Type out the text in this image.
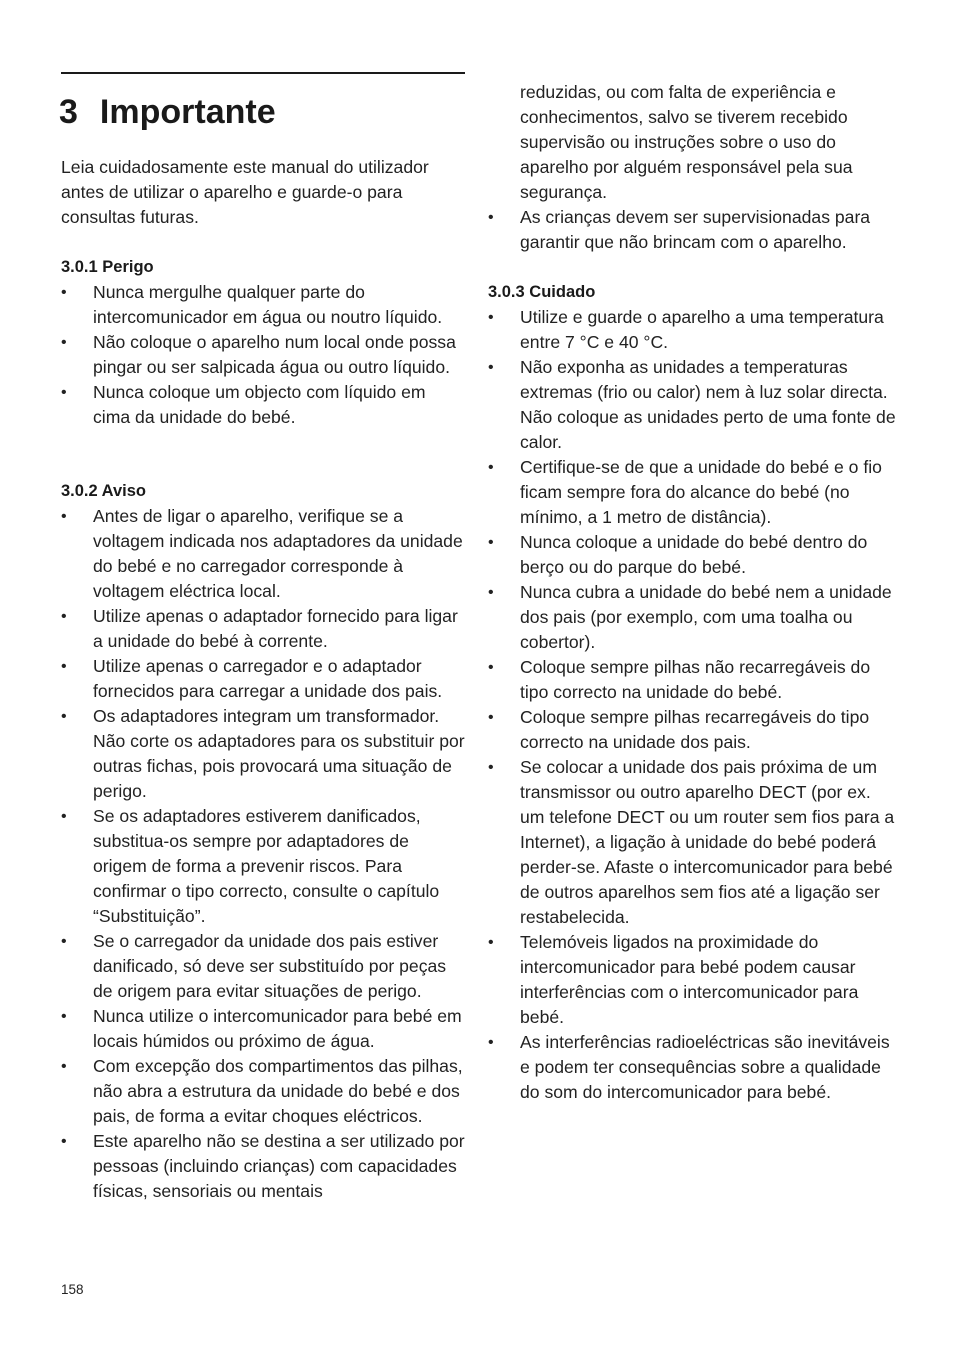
3 Importante

Leia cuidadosamente este manual do utilizador antes de utilizar o aparelho e guarde-o para consultas futuras.

3.0.1 Perigo
• Nunca mergulhe qualquer parte do intercomunicador em água ou noutro líquido.
• Não coloque o aparelho num local onde possa pingar ou ser salpicada água ou outro líquido.
• Nunca coloque um objecto com líquido em cima da unidade do bebé.
3.0.2 Aviso
• Antes de ligar o aparelho, verifique se a voltagem indicada nos adaptadores da unidade do bebé e no carregador corresponde à voltagem eléctrica local.
• Utilize apenas o adaptador fornecido para ligar a unidade do bebé à corrente.
• Utilize apenas o carregador e o adaptador fornecidos para carregar a unidade dos pais.
• Os adaptadores integram um transformador. Não corte os adaptadores para os substituir por outras fichas, pois provocará uma situação de perigo.
• Se os adaptadores estiverem danificados, substitua-os sempre por adaptadores de origem de forma a prevenir riscos. Para confirmar o tipo correcto, consulte o capítulo “Substituição”.
• Se o carregador da unidade dos pais estiver danificado, só deve ser substituído por peças de origem para evitar situações de perigo.
• Nunca utilize o intercomunicador para bebé em locais húmidos ou próximo de água.
• Com excepção dos compartimentos das pilhas, não abra a estrutura da unidade do bebé e dos pais, de forma a evitar choques eléctricos.
• Este aparelho não se destina a ser utilizado por pessoas (incluindo crianças) com capacidades físicas, sensoriais ou mentais

reduzidas, ou com falta de experiência e conhecimentos, salvo se tiverem recebido supervisão ou instruções sobre o uso do aparelho por alguém responsável pela sua segurança.

• As crianças devem ser supervisionadas para garantir que não brincam com o aparelho.
3.0.3 Cuidado
• Utilize e guarde o aparelho a uma temperatura entre 7 °C e 40 °C.
• Não exponha as unidades a temperaturas extremas (frio ou calor) nem à luz solar directa. Não coloque as unidades perto de uma fonte de calor.
• Certifique-se de que a unidade do bebé e o fio ficam sempre fora do alcance do bebé (no mínimo, a 1 metro de distância).
• Nunca coloque a unidade do bebé dentro do berço ou do parque do bebé.
• Nunca cubra a unidade do bebé nem a unidade dos pais (por exemplo, com uma toalha ou cobertor).
• Coloque sempre pilhas não recarregáveis do tipo correcto na unidade do bebé.
• Coloque sempre pilhas recarregáveis do tipo correcto na unidade dos pais.
• Se colocar a unidade dos pais próxima de um transmissor ou outro aparelho DECT (por ex. um telefone DECT ou um router sem fios para a Internet), a ligação à unidade do bebé poderá perder-se. Afaste o intercomunicador para bebé de outros aparelhos sem fios até a ligação ser restabelecida.
• Telemóveis ligados na proximidade do intercomunicador para bebé podem causar interferências com o intercomunicador para bebé.
• As interferências radioeléctricas são inevitáveis e podem ter consequências sobre a qualidade do som do intercomunicador para bebé.
158
